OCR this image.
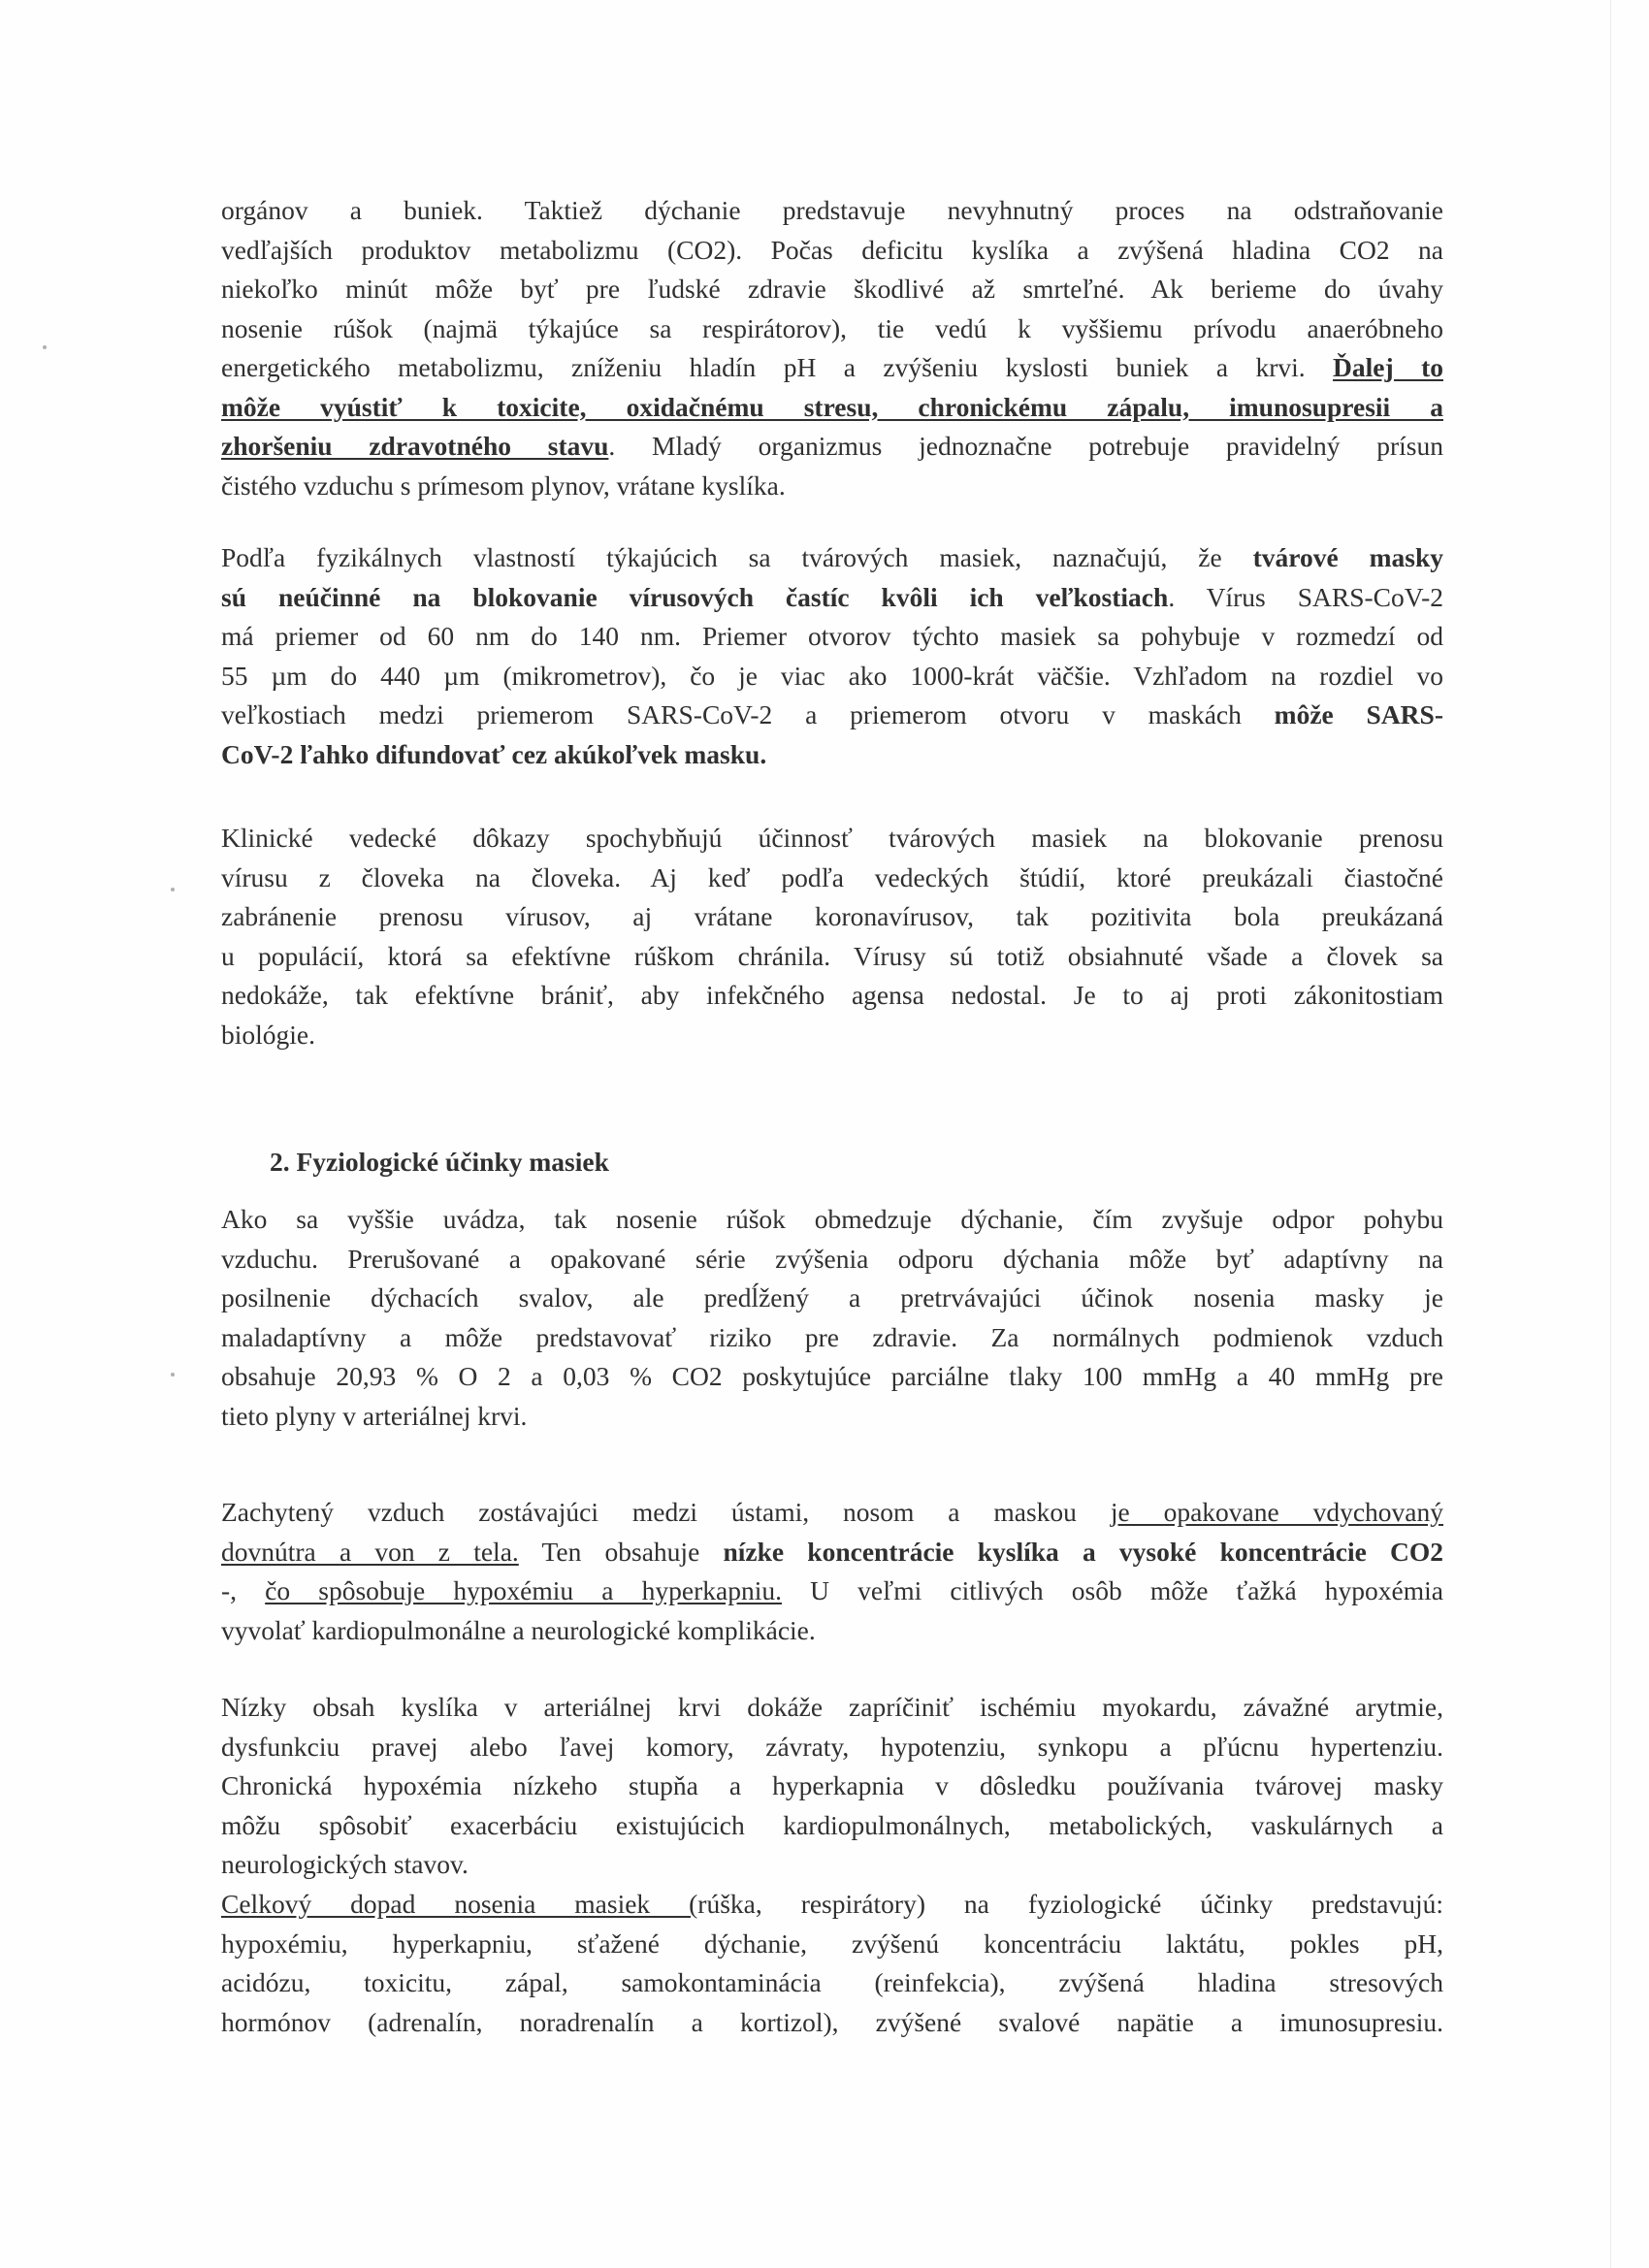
orgánov a buniek. Taktiež dýchanie predstavuje nevyhnutný proces na odstraňovanie
vedľajších produktov metabolizmu (CO2). Počas deficitu kyslíka a zvýšená hladina CO2 na
niekoľko minút môže byť pre ľudské zdravie škodlivé až smrteľné. Ak berieme do úvahy
nosenie rúšok (najmä týkajúce sa respirátorov), tie vedú k vyššiemu prívodu anaeróbneho
energetického metabolizmu, zníženiu hladín pH a zvýšeniu kyslosti buniek a krvi. Ďalej to
môže vyústiť k toxicite, oxidačnému stresu, chronickému zápalu, imunosupresii a
zhoršeniu zdravotného stavu. Mladý organizmus jednoznačne potrebuje pravidelný prísun
čistého vzduchu s prímesom plynov, vrátane kyslíka.
Podľa fyzikálnych vlastností týkajúcich sa tvárových masiek, naznačujú, že tvárové masky
sú neúčinné na blokovanie vírusových častíc kvôli ich veľkostiach. Vírus SARS-CoV-2
má priemer od 60 nm do 140 nm. Priemer otvorov týchto masiek sa pohybuje v rozmedzí od
55 µm do 440 µm (mikrometrov), čo je viac ako 1000-krát väčšie. Vzhľadom na rozdiel vo
veľkostiach medzi priemerom SARS-CoV-2 a priemerom otvoru v maskách môže SARS-
CoV-2 ľahko difundovať cez akúkoľvek masku.
Klinické vedecké dôkazy spochybňujú účinnosť tvárových masiek na blokovanie prenosu
vírusu z človeka na človeka. Aj keď podľa vedeckých štúdií, ktoré preukázali čiastočné
zabránenie prenosu vírusov, aj vrátane koronavírusov, tak pozitivita bola preukázaná
u populácií, ktorá sa efektívne rúškom chránila. Vírusy sú totiž obsiahnuté všade a človek sa
nedokáže, tak efektívne brániť, aby infekčného agensa nedostal. Je to aj proti zákonitostiam
biológie.
2. Fyziologické účinky masiek
Ako sa vyššie uvádza, tak nosenie rúšok obmedzuje dýchanie, čím zvyšuje odpor pohybu
vzduchu. Prerušované a opakované série zvýšenia odporu dýchania môže byť adaptívny na
posilnenie dýchacích svalov, ale predĺžený a pretrvávajúci účinok nosenia masky je
maladaptívny a môže predstavovať riziko pre zdravie. Za normálnych podmienok vzduch
obsahuje 20,93 % O 2 a 0,03 % CO2 poskytujúce parciálne tlaky 100 mmHg a 40 mmHg pre
tieto plyny v arteriálnej krvi.
Zachytený vzduch zostávajúci medzi ústami, nosom a maskou je opakovane vdychovaný
dovnútra a von z tela. Ten obsahuje nízke koncentrácie kyslíka a vysoké koncentrácie CO2
-, čo spôsobuje hypoxémiu a hyperkapniu. U veľmi citlivých osôb môže ťažká hypoxémia
vyvolať kardiopulmonálne a neurologické komplikácie.
Nízky obsah kyslíka v arteriálnej krvi dokáže zapríčiniť ischémiu myokardu, závažné arytmie,
dysfunkciu pravej alebo ľavej komory, závraty, hypotenziu, synkopu a pľúcnu hypertenziu.
Chronická hypoxémia nízkeho stupňa a hyperkapnia v dôsledku používania tvárovej masky
môžu spôsobiť exacerbáciu existujúcich kardiopulmonálnych, metabolických, vaskulárnych a
neurologických stavov.
Celkový dopad nosenia masiek (rúška, respirátory) na fyziologické účinky predstavujú:
hypoxémiu, hyperkapniu, sťažené dýchanie, zvýšenú koncentráciu laktátu, pokles pH,
acidózu, toxicitu, zápal, samokontaminácia (reinfekcia), zvýšená hladina stresových
hormónov (adrenalín, noradrenalín a kortizol), zvýšené svalové napätie a imunosupresiu.
